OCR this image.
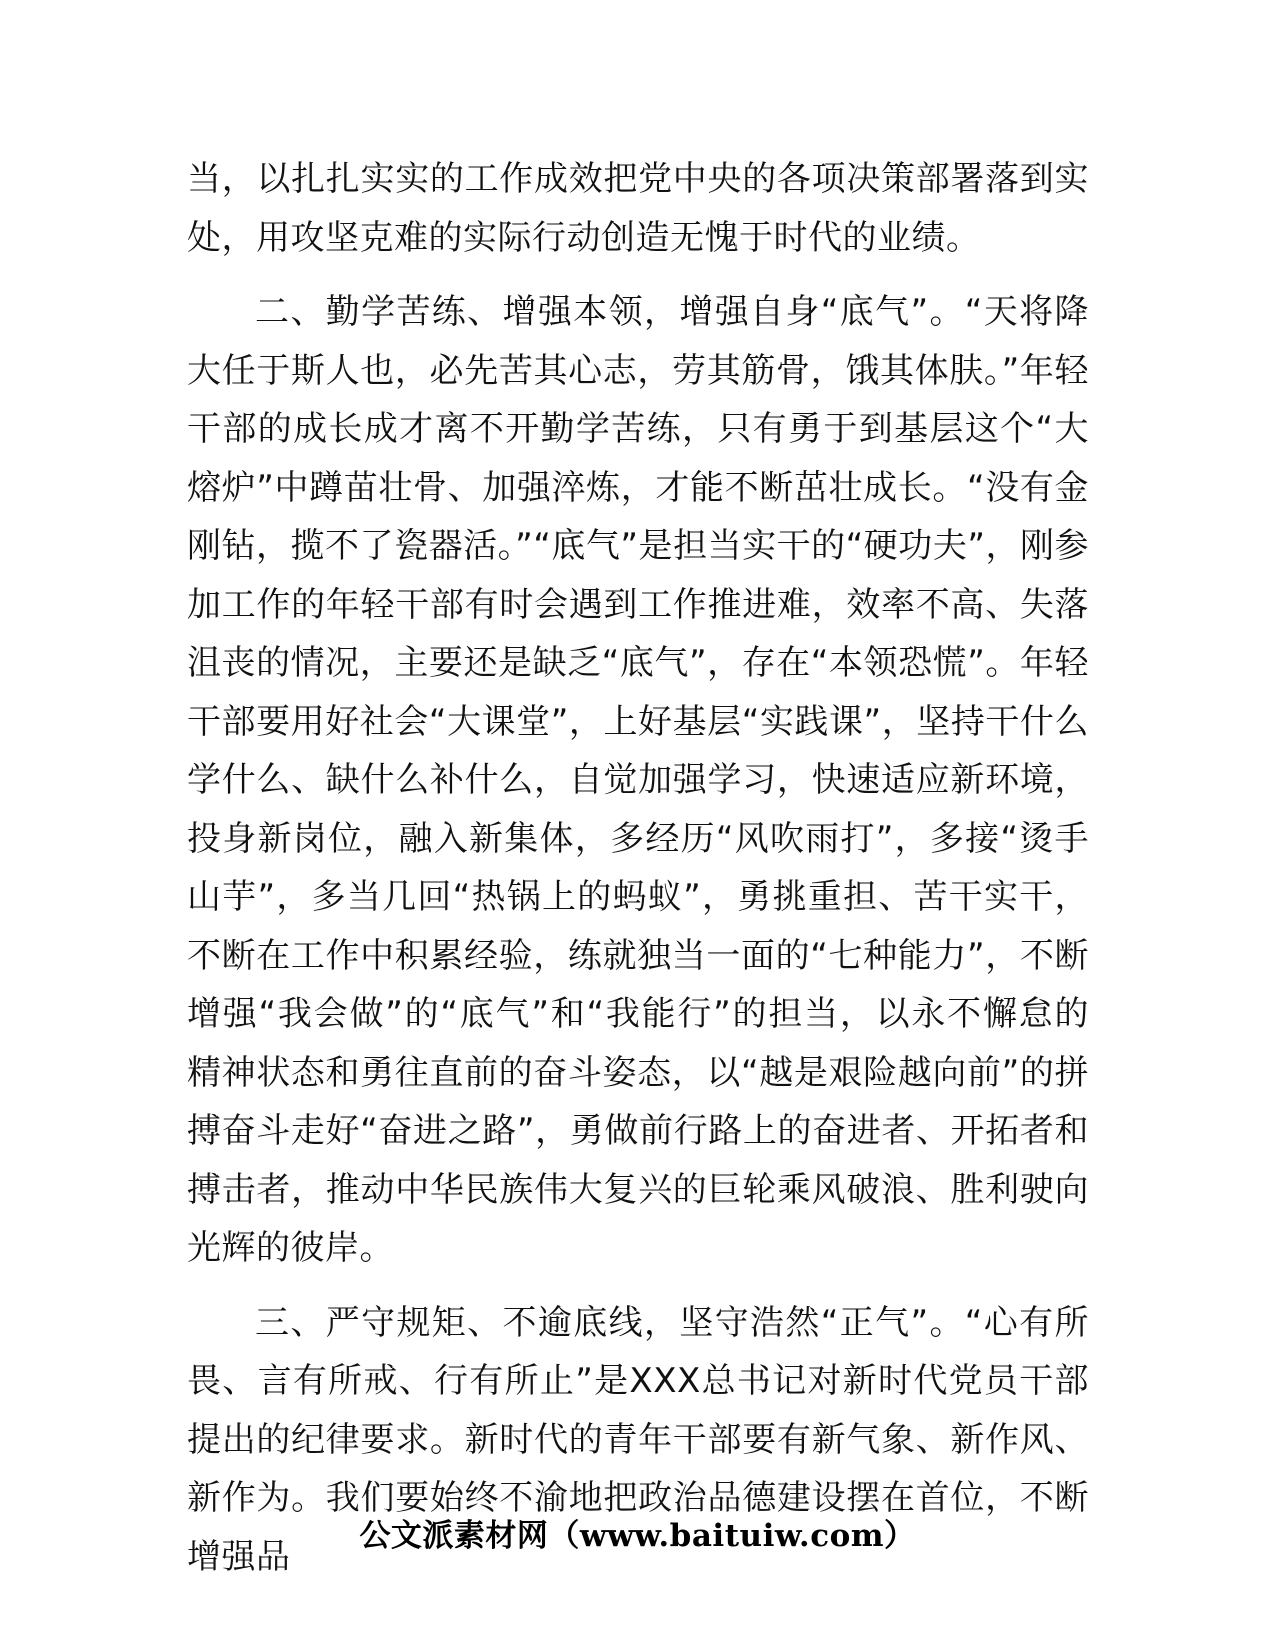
当，以扎扎实实的工作成效把党中央的各项决策部署落到实处，用攻坚克难的实际行动创造无愧于时代的业绩。

二、勤学苦练、增强本领，增强自身“底气”。“天将降大任于斯人也，必先苦其心志，劳其筋骨，饿其体肤。”年轻干部的成长成才离不开勤学苦练，只有勇于到基层这个“大熔炉”中蹲苗壮骨、加强淬炼，才能不断茁壮成长。“没有金刚钻，揽不了瓷器活。”“底气”是担当实干的“硬功夫”，刚参加工作的年轻干部有时会遇到工作推进难，效率不高、失落沮丧的情况，主要还是缺乏“底气”，存在“本领恐慌”。年轻干部要用好社会“大课堂”，上好基层“实践课”，坚持干什么学什么、缺什么补什么，自觉加强学习，快速适应新环境，投身新岗位，融入新集体，多经历“风吹雨打”，多接“烫手山芋”，多当几回“热锅上的蚂蚁”，勇挑重担、苦干实干，不断在工作中积累经验，练就独当一面的“七种能力”，不断增强“我会做”的“底气”和“我能行”的担当，以永不懈怠的精神状态和勇往直前的奋斗姿态，以“越是艰险越向前”的拼搏奋斗走好“奋进之路”，勇做前行路上的奋进者、开拓者和搏击者，推动中华民族伟大复兴的巨轮乘风破浪、胜利驶向光辉的彼岸。

三、严守规矩、不逾底线，坚守浩然“正气”。“心有所畏、言有所戒、行有所止”是XXX总书记对新时代党员干部提出的纪律要求。新时代的青年干部要有新气象、新作风、新作为。我们要始终不渝地把政治品德建设摆在首位，不断增强品

公文派素材网（www.baituiw.com）
